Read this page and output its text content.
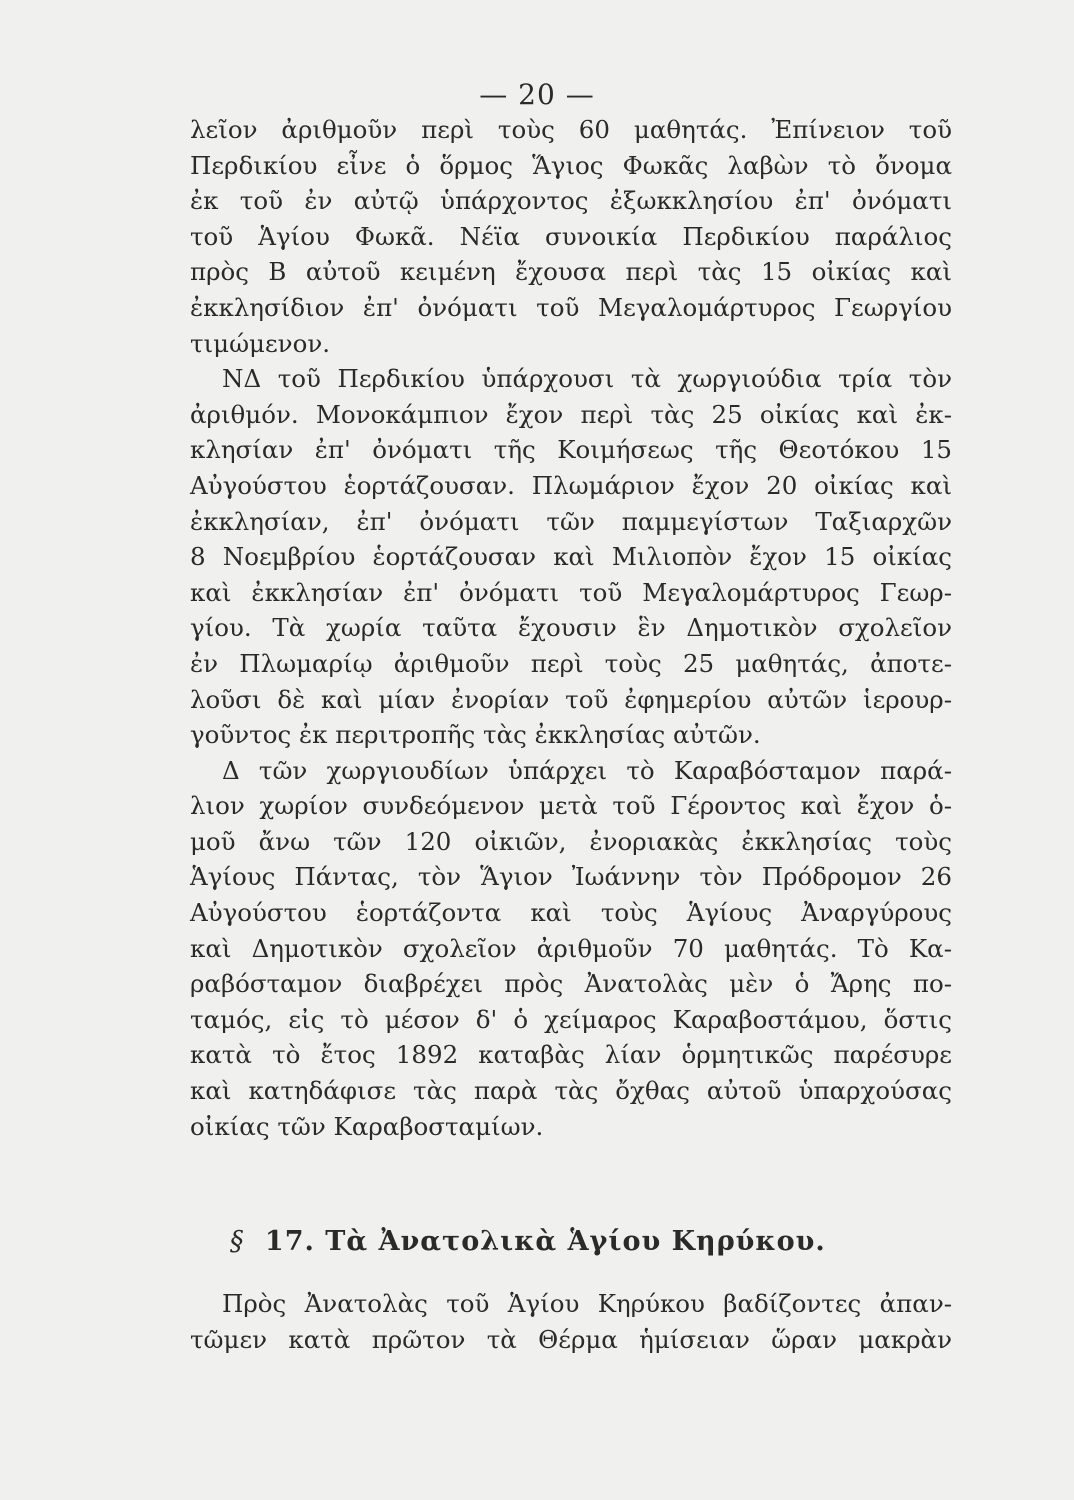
— 20 —
λεῖον ἀριθμοῦν περὶ τοὺς 60 μαθητάς. Ἐπίνειον τοῦ
Περδικίου εἶνε ὁ ὅρμος Ἅγιος Φωκᾶς λαβὼν τὸ ὄνομα
ἐκ τοῦ ἐν αὐτῷ ὑπάρχοντος ἐξωκκλησίου ἐπ' ὀνόματι
τοῦ Ἁγίου Φωκᾶ. Νέϊα συνοικία Περδικίου παράλιος
πρὸς Β αὐτοῦ κειμένη ἔχουσα περὶ τὰς 15 οἰκίας καὶ
ἐκκλησίδιον ἐπ' ὀνόματι τοῦ Μεγαλομάρτυρος Γεωργίου
τιμώμενον.
ΝΔ τοῦ Περδικίου ὑπάρχουσι τὰ χωργιούδια τρία τὸν
ἀριθμόν. Μονοκάμπιον ἔχον περὶ τὰς 25 οἰκίας καὶ ἐκ-
κλησίαν ἐπ' ὀνόματι τῆς Κοιμήσεως τῆς Θεοτόκου 15
Αὐγούστου ἑορτάζουσαν. Πλωμάριον ἔχον 20 οἰκίας καὶ
ἐκκλησίαν, ἐπ' ὀνόματι τῶν παμμεγίστων Ταξιαρχῶν
8 Νοεμβρίου ἑορτάζουσαν καὶ Μιλιοπὸν ἔχον 15 οἰκίας
καὶ ἐκκλησίαν ἐπ' ὀνόματι τοῦ Μεγαλομάρτυρος Γεωρ-
γίου. Τὰ χωρία ταῦτα ἔχουσιν ἓν Δημοτικὸν σχολεῖον
ἐν Πλωμαρίῳ ἀριθμοῦν περὶ τοὺς 25 μαθητάς, ἀποτε-
λοῦσι δὲ καὶ μίαν ἐνορίαν τοῦ ἐφημερίου αὐτῶν ἱερουρ-
γοῦντος ἐκ περιτροπῆς τὰς ἐκκλησίας αὐτῶν.
Δ τῶν χωργιουδίων ὑπάρχει τὸ Καραβόσταμον παρά-
λιον χωρίον συνδεόμενον μετὰ τοῦ Γέροντος καὶ ἔχον ὁ-
μοῦ ἄνω τῶν 120 οἰκιῶν, ἐνοριακὰς ἐκκλησίας τοὺς
Ἁγίους Πάντας, τὸν Ἅγιον Ἰωάννην τὸν Πρόδρομον 26
Αὐγούστου ἑορτάζοντα καὶ τοὺς Ἁγίους Ἀναργύρους
καὶ Δημοτικὸν σχολεῖον ἀριθμοῦν 70 μαθητάς. Τὸ Κα-
ραβόσταμον διαβρέχει πρὸς Ἀνατολὰς μὲν ὁ Ἄρης πο-
ταμός, εἰς τὸ μέσον δ' ὁ χείμαρος Καραβοστάμου, ὅστις
κατὰ τὸ ἔτος 1892 καταβὰς λίαν ὁρμητικῶς παρέσυρε
καὶ κατηδάφισε τὰς παρὰ τὰς ὄχθας αὐτοῦ ὑπαρχούσας
οἰκίας τῶν Καραβοσταμίων.
§ 17. Τὰ Ἀνατολικὰ Ἁγίου Κηρύκου.
Πρὸς Ἀνατολὰς τοῦ Ἁγίου Κηρύκου βαδίζοντες ἀπαν-
τῶμεν κατὰ πρῶτον τὰ Θέρμα ἡμίσειαν ὥραν μακρὰν
